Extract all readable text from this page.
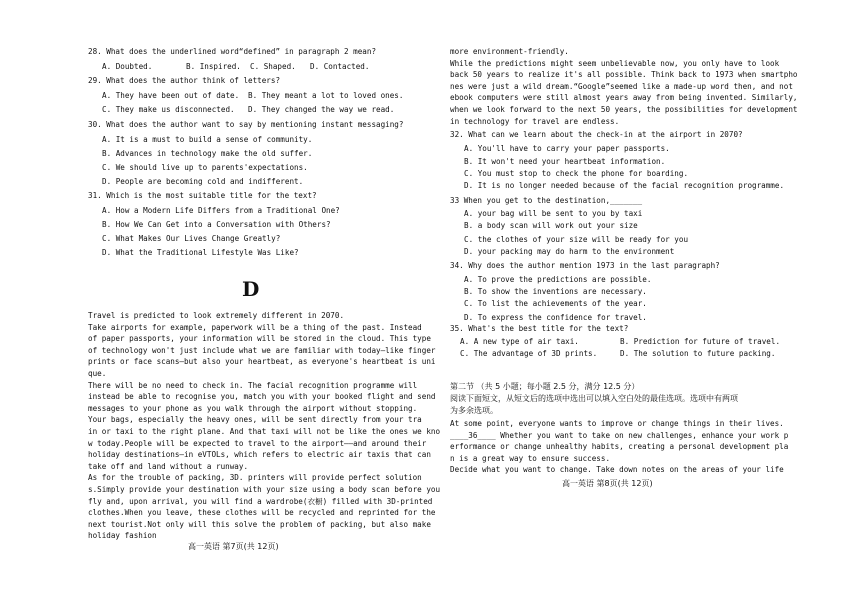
28. What does the underlined word“defined” in paragraph 2 mean?
A. Doubted.	B. Inspired. C. Shaped. D. Contacted.
29. What does the author think of letters?
A. They have been out of date. B. They meant a lot to loved ones.
C. They make us disconnected. D. They changed the way we read.
30. What does the author want to say by mentioning instant messaging?
A. It is a must to build a sense of community.
B. Advances in technology make the old suffer.
C. We should live up to parents'expectations.
D. People are becoming cold and indifferent.
31. Which is the most suitable title for the text?
A. How a Modern Life Differs from a Traditional One?
B. How We Can Get into a Conversation with Others?
C. What Makes Our Lives Change Greatly?
D. What the Traditional Lifestyle Was Like?
D
Travel is predicted to look extremely different in 2070.
Take airports for example, paperwork will be a thing of the past. Instead
of paper passports, your information will be stored in the cloud. This type
of technology won't just include what we are familiar with today—like finger
prints or face scans—but also your heartbeat, as everyone's heartbeat is uni
que.
There will be no need to check in. The facial recognition programme will
instead be able to recognise you, match you with your booked flight and send
messages to your phone as you walk through the airport without stopping.
Your bags, especially the heavy ones, will be sent directly from your tra
in or taxi to the right plane. And that taxi will not be like the ones we kno
w today.People will be expected to travel to the airport——and around their
holiday destinations—in eVTOLs, which refers to electric air taxis that can
take off and land without a runway.
As for the trouble of packing, 3D. printers will provide perfect solution
s.Simply provide your destination with your size using a body scan before you
fly and, upon arrival, you will find a wardrobe(衣橱) filled with 3D-printed
clothes.When you leave, these clothes will be recycled and reprinted for the
next tourist.Not only will this solve the problem of packing, but also make
holiday fashion
高一英语 第7页(共 12页)
more environment-friendly.
While the predictions might seem unbelievable now, you only have to look
back 50 years to realize it's all possible. Think back to 1973 when smartpho
nes were just a wild dream.“Google”seemed like a made-up word then, and not
ebook computers were still almost years away from being invented. Similarly,
when we look forward to the next 50 years, the possibilities for development
in technology for travel are endless.
32. What can we learn about the check-in at the airport in 2070?
A. You'll have to carry your paper passports.
B. It won't need your heartbeat information.
C. You must stop to check the phone for boarding.
D. It is no longer needed because of the facial recognition programme.
33 When you get to the destination,_______
A. your bag will be sent to you by taxi
B. a body scan will work out your size
C. the clothes of your size will be ready for you
D. your packing may do harm to the environment
34. Why does the author mention 1973 in the last paragraph?
A. To prove the predictions are possible.
B. To show the inventions are necessary.
C. To list the achievements of the year.
D. To express the confidence for travel.
35. What's the best title for the text?
A. A new type of air taxi.	B. Prediction for future of travel.
C. The advantage of 3D prints.	D. The solution to future packing.
第二节 （共 5 小题；每小题 2.5 分，满分 12.5 分）
阅读下面短文，从短文后的选项中选出可以填入空白处的最佳选项。选项中有两项
为多余选项。
At some point, everyone wants to improve or change things in their lives.
____36____ Whether you want to take on new challenges, enhance your work p
erformance or change unhealthy habits, creating a personal development pla
n is a great way to ensure success.
Decide what you want to change. Take down notes on the areas of your life
高一英语 第8页(共 12页)
